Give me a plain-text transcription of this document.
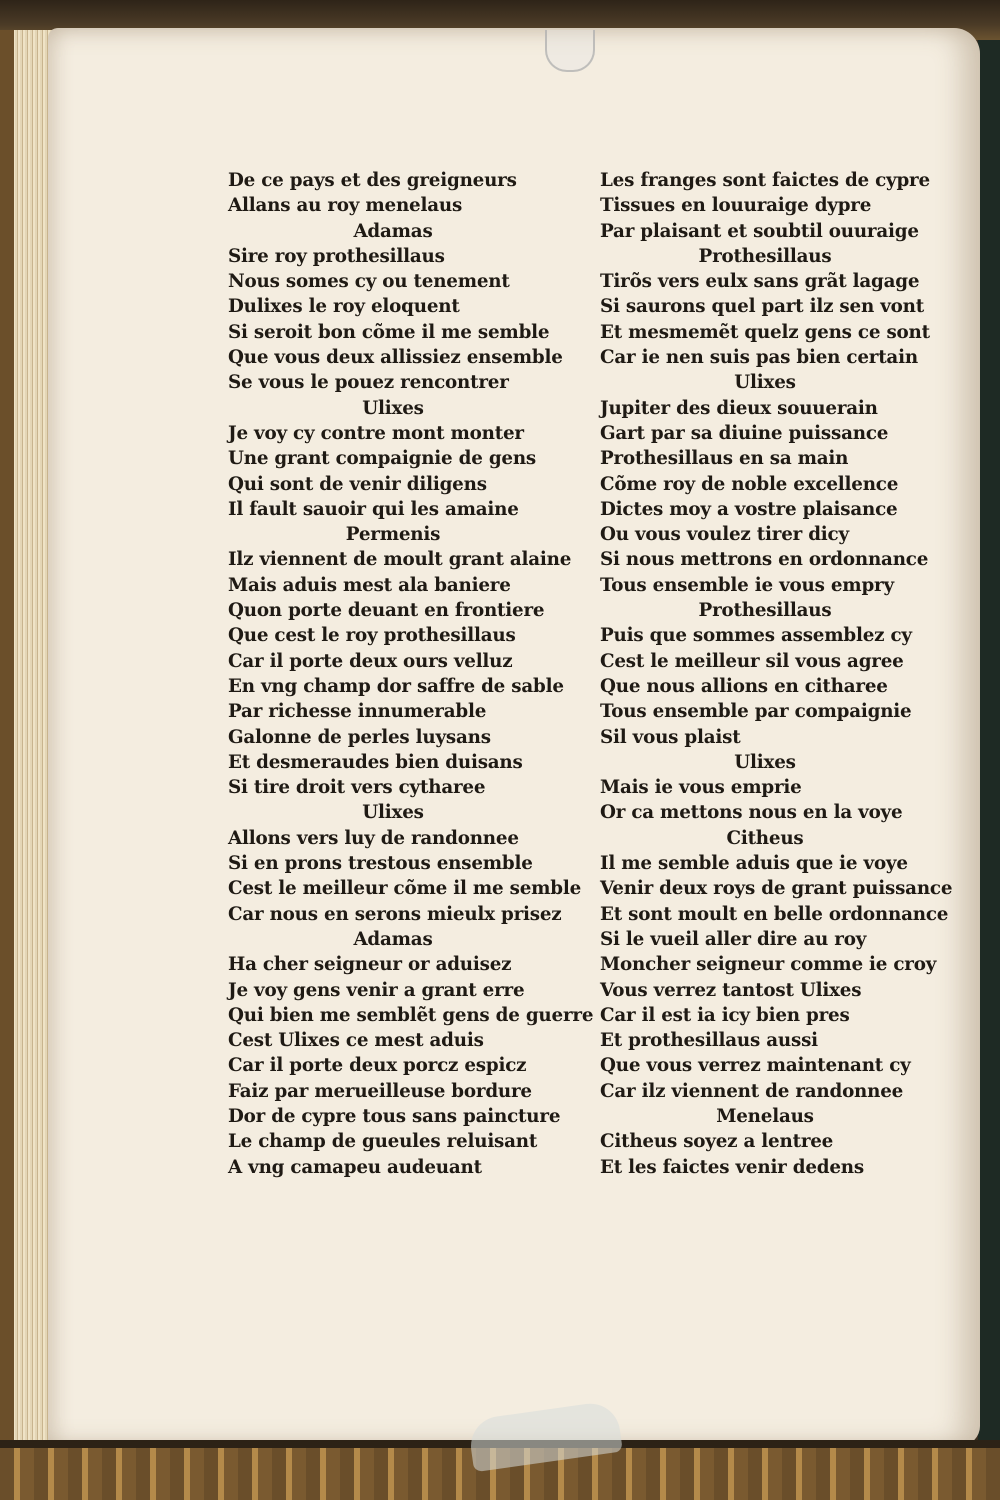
De ce pays et des greigneurs
Allans au roy menelaus
Adamas
Sire roy prothesillaus
Nous somes cy ou tenement
Dulixes le roy eloquent
Si seroit bon cõme il me semble
Que vous deux allissiez ensemble
Se vous le pouez rencontrer
Ulixes
Je voy cy contre mont monter
Une grant compaignie de gens
Qui sont de venir diligens
Il fault sauoir qui les amaine
Permenis
Ilz viennent de moult grant alaine
Mais aduis mest ala baniere
Quon porte deuant en frontiere
Que cest le roy prothesillaus
Car il porte deux ours velluz
En vng champ dor saffre de sable
Par richesse innumerable
Galonne de perles luysans
Et desmeraudes bien duisans
Si tire droit vers cytharee
Ulixes
Allons vers luy de randonnee
Si en prons trestous ensemble
Cest le meilleur cõme il me semble
Car nous en serons mieulx prisez
Adamas
Ha cher seigneur or aduisez
Je voy gens venir a grant erre
Qui bien me semblẽt gens de guerre
Cest Ulixes ce mest aduis
Car il porte deux porcz espicz
Faiz par merueilleuse bordure
Dor de cypre tous sans paincture
Le champ de gueules reluisant
A vng camapeu audeuant
Les franges sont faictes de cypre
Tissues en louuraige dypre
Par plaisant et soubtil ouuraige
Prothesillaus
Tirõs vers eulx sans grãt lagage
Si saurons quel part ilz sen vont
Et mesmemẽt quelz gens ce sont
Car ie nen suis pas bien certain
Ulixes
Jupiter des dieux souuerain
Gart par sa diuine puissance
Prothesillaus en sa main
Cõme roy de noble excellence
Dictes moy a vostre plaisance
Ou vous voulez tirer dicy
Si nous mettrons en ordonnance
Tous ensemble ie vous empry
Prothesillaus
Puis que sommes assemblez cy
Cest le meilleur sil vous agree
Que nous allions en citharee
Tous ensemble par compaignie
Sil vous plaist
Ulixes
Mais ie vous emprie
Or ca mettons nous en la voye
Citheus
Il me semble aduis que ie voye
Venir deux roys de grant puissance
Et sont moult en belle ordonnance
Si le vueil aller dire au roy
Moncher seigneur comme ie croy
Vous verrez tantost Ulixes
Car il est ia icy bien pres
Et prothesillaus aussi
Que vous verrez maintenant cy
Car ilz viennent de randonnee
Menelaus
Citheus soyez a lentree
Et les faictes venir dedens
